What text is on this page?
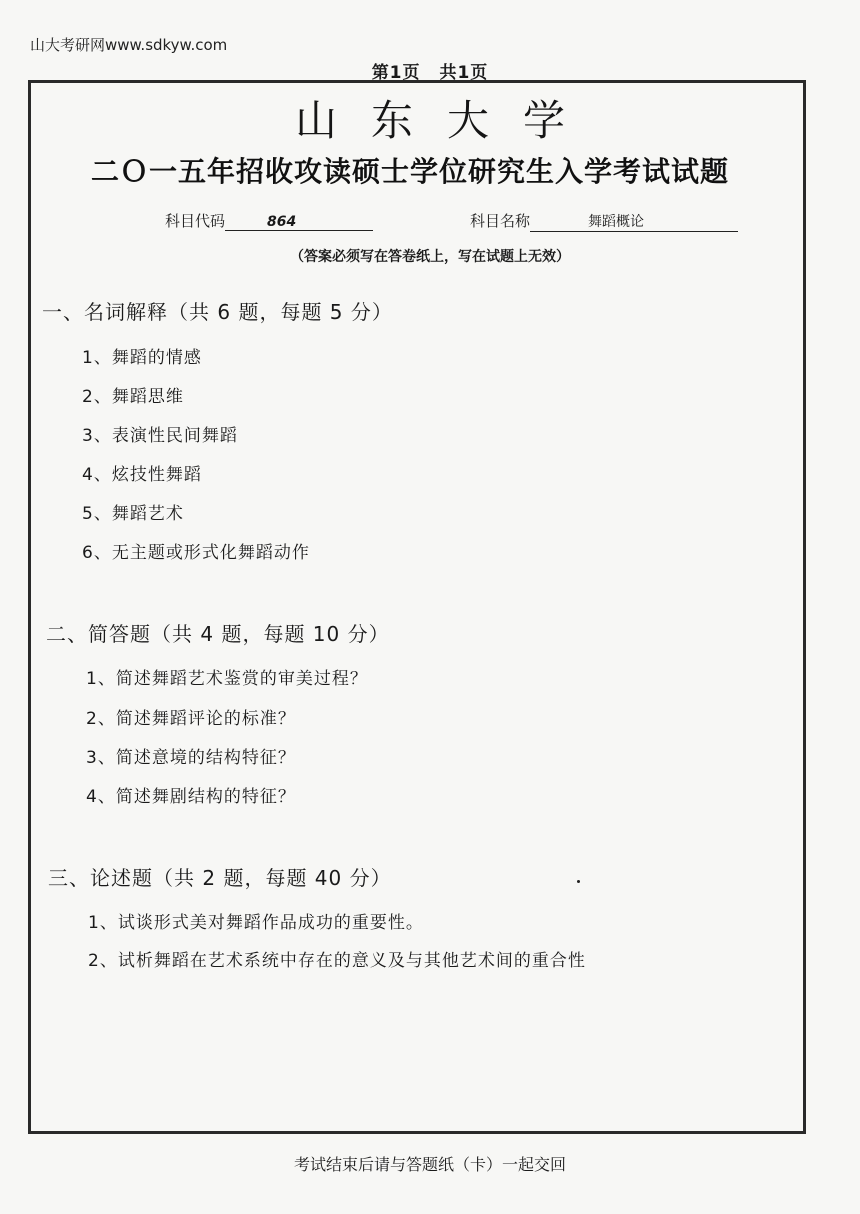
山大考研网www.sdkyw.com
第1页 共1页
山东大学
二Ｏ一五年招收攻读硕士学位研究生入学考试试题
科目代码	864	科目名称	舞蹈概论
（答案必须写在答卷纸上，写在试题上无效）
一、名词解释（共 6 题，每题 5 分）
1、舞蹈的情感
2、舞蹈思维
3、表演性民间舞蹈
4、炫技性舞蹈
5、舞蹈艺术
6、无主题或形式化舞蹈动作
二、简答题（共 4 题，每题 10 分）
1、简述舞蹈艺术鉴赏的审美过程？
2、简述舞蹈评论的标准？
3、简述意境的结构特征？
4、简述舞剧结构的特征？
三、论述题（共 2 题，每题 40 分）
1、试谈形式美对舞蹈作品成功的重要性。
2、试析舞蹈在艺术系统中存在的意义及与其他艺术间的重合性
考试结束后请与答题纸（卡）一起交回
